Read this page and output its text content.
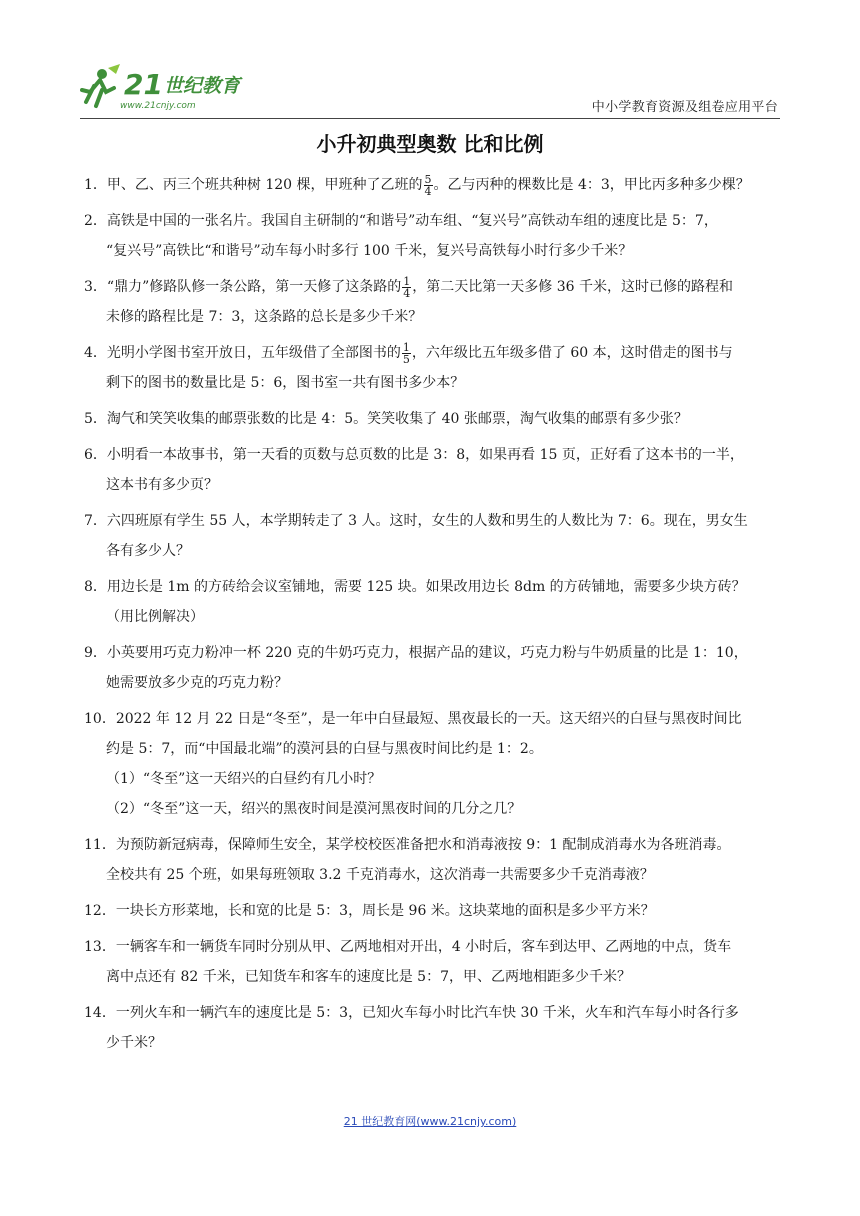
21 世纪教育
www.21cnjy.com	中小学教育资源及组卷应用平台
小升初典型奥数 比和比例
1．甲、乙、丙三个班共种树 120 棵，甲班种了乙班的 $\frac{5}{4}$ 。乙与丙种的棵数比是 4：3，甲比丙多种多少棵？
2．高铁是中国的一张名片。我国自主研制的“和谐号”动车组、“复兴号”高铁动车组的速度比是 5：7，
“复兴号”高铁比“和谐号”动车每小时多行 100 千米，复兴号高铁每小时行多少千米？
3．“鼎力”修路队修一条公路，第一天修了这条路的 $\frac{1}{4}$ ，第二天比第一天多修 36 千米，这时已修的路程和
未修的路程比是 7：3，这条路的总长是多少千米？
4．光明小学图书室开放日，五年级借了全部图书的 $\frac{1}{5}$ ，六年级比五年级多借了 60 本，这时借走的图书与
剩下的图书的数量比是 5：6，图书室一共有图书多少本？
5．淘气和笑笑收集的邮票张数的比是 4：5。笑笑收集了 40 张邮票，淘气收集的邮票有多少张？
6．小明看一本故事书，第一天看的页数与总页数的比是 3：8，如果再看 15 页，正好看了这本书的一半，
这本书有多少页？
7．六四班原有学生 55 人，本学期转走了 3 人。这时，女生的人数和男生的人数比为 7：6。现在，男女生
各有多少人？
8．用边长是 1m 的方砖给会议室铺地，需要 125 块。如果改用边长 8dm 的方砖铺地，需要多少块方砖？
（用比例解决）
9．小英要用巧克力粉冲一杯 220 克的牛奶巧克力，根据产品的建议，巧克力粉与牛奶质量的比是 1：10，
她需要放多少克的巧克力粉？
10．2022 年 12 月 22 日是“冬至”，是一年中白昼最短、黑夜最长的一天。这天绍兴的白昼与黑夜时间比
约是 5：7，而“中国最北端”的漠河县的白昼与黑夜时间比约是 1：2。
（1）“冬至”这一天绍兴的白昼约有几小时？
（2）“冬至”这一天，绍兴的黑夜时间是漠河黑夜时间的几分之几？
11．为预防新冠病毒，保障师生安全，某学校校医准备把水和消毒液按 9：1 配制成消毒水为各班消毒。
全校共有 25 个班，如果每班领取 3.2 千克消毒水，这次消毒一共需要多少千克消毒液？
12．一块长方形菜地，长和宽的比是 5：3，周长是 96 米。这块菜地的面积是多少平方米？
13．一辆客车和一辆货车同时分别从甲、乙两地相对开出，4 小时后，客车到达甲、乙两地的中点，货车
离中点还有 82 千米，已知货车和客车的速度比是 5：7，甲、乙两地相距多少千米？
14．一列火车和一辆汽车的速度比是 5：3，已知火车每小时比汽车快 30 千米，火车和汽车每小时各行多
少千米？
21 世纪教育网(www.21cnjy.com)
